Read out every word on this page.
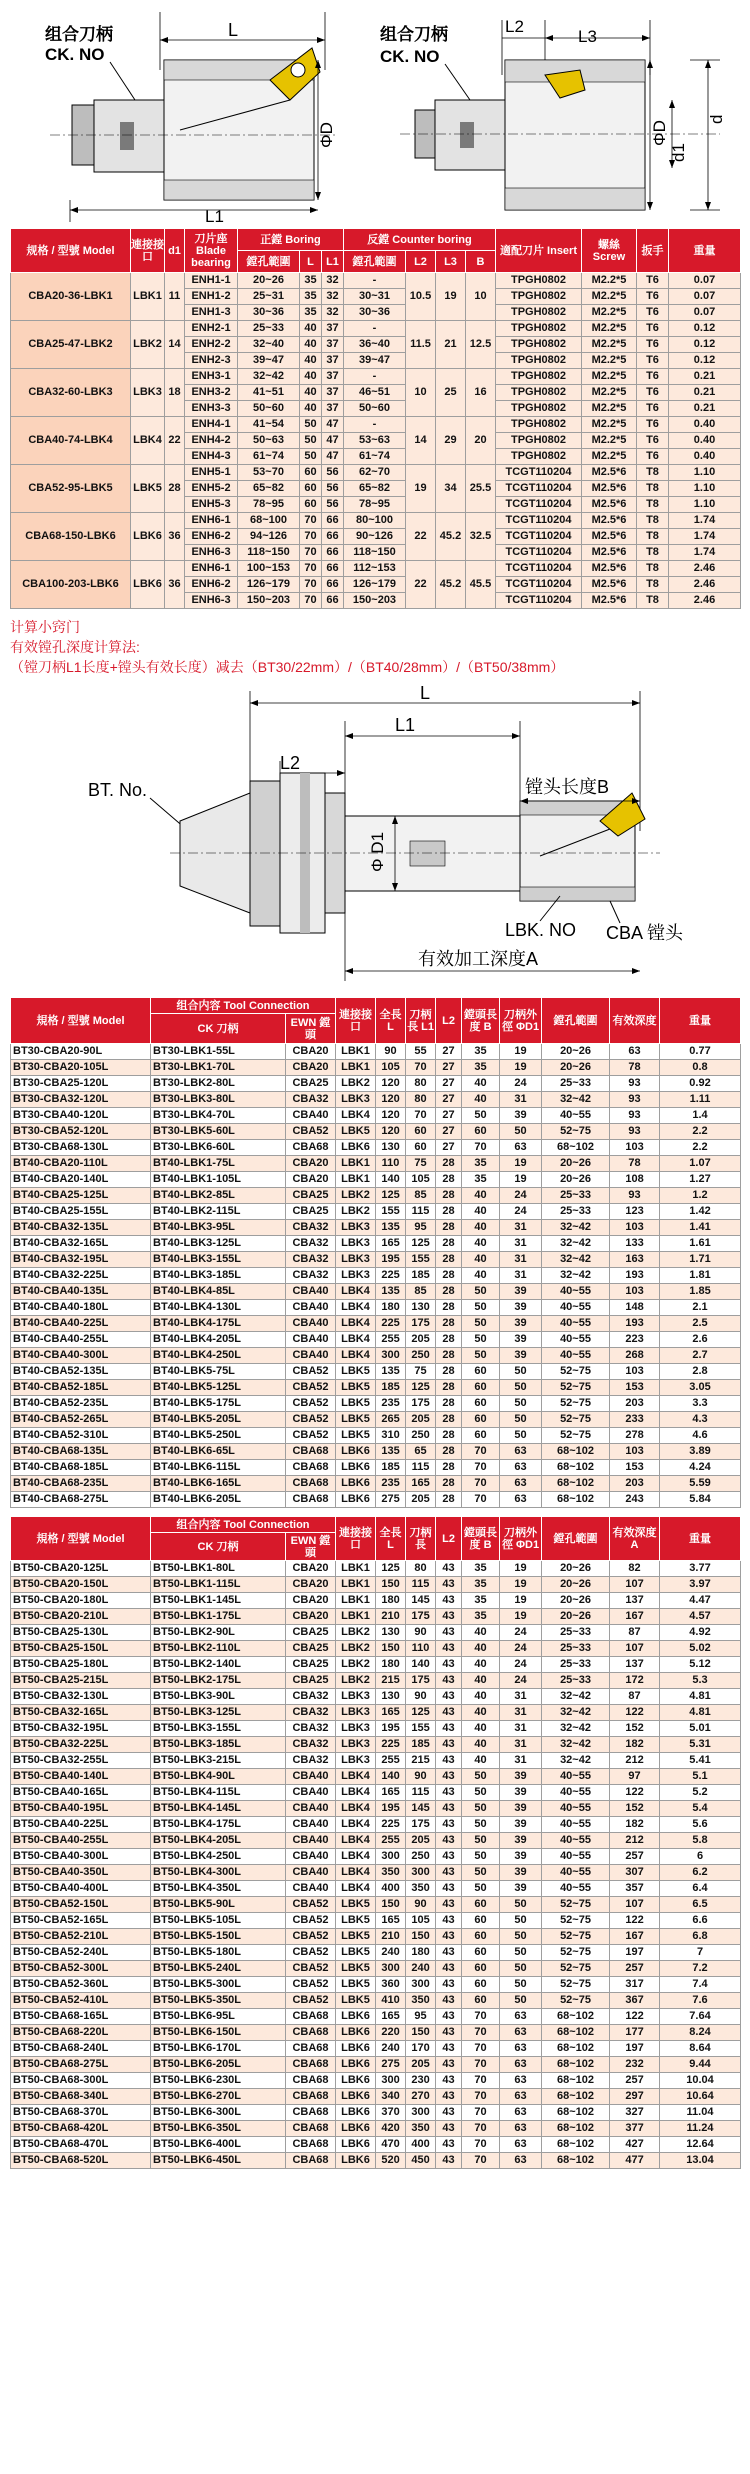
组合刀柄
CK. NO
L
ΦD
L1
组合刀柄
CK. NO
L2
L3
ΦD
d
d1
规格 / 型號 Model	連接接口	d1	刀片座 Blade bearing	正鏜 Boring			反鏜 Counter boring				適配刀片 Insert	螺絲 Screw	扳手	重量
				鏜孔範圍	L	L1	鏜孔範圍	L2	L3	B				
CBA20-36-LBK1	LBK1	11	ENH1-1	20~26	35	32	-	10.5	19	10	TPGH0802	M2.2*5	T6	0.07
			ENH1-2	25~31	35	32	30~31				TPGH0802	M2.2*5	T6	0.07
			ENH1-3	30~36	35	32	30~36				TPGH0802	M2.2*5	T6	0.07
CBA25-47-LBK2	LBK2	14	ENH2-1	25~33	40	37	-	11.5	21	12.5	TPGH0802	M2.2*5	T6	0.12
			ENH2-2	32~40	40	37	36~40				TPGH0802	M2.2*5	T6	0.12
			ENH2-3	39~47	40	37	39~47				TPGH0802	M2.2*5	T6	0.12
CBA32-60-LBK3	LBK3	18	ENH3-1	32~42	40	37	-	10	25	16	TPGH0802	M2.2*5	T6	0.21
			ENH3-2	41~51	40	37	46~51				TPGH0802	M2.2*5	T6	0.21
			ENH3-3	50~60	40	37	50~60				TPGH0802	M2.2*5	T6	0.21
CBA40-74-LBK4	LBK4	22	ENH4-1	41~54	50	47	-	14	29	20	TPGH0802	M2.2*5	T6	0.40
			ENH4-2	50~63	50	47	53~63				TPGH0802	M2.2*5	T6	0.40
			ENH4-3	61~74	50	47	61~74				TPGH0802	M2.2*5	T6	0.40
CBA52-95-LBK5	LBK5	28	ENH5-1	53~70	60	56	62~70	19	34	25.5	TCGT110204	M2.5*6	T8	1.10
			ENH5-2	65~82	60	56	65~82				TCGT110204	M2.5*6	T8	1.10
			ENH5-3	78~95	60	56	78~95				TCGT110204	M2.5*6	T8	1.10
CBA68-150-LBK6	LBK6	36	ENH6-1	68~100	70	66	80~100	22	45.2	32.5	TCGT110204	M2.5*6	T8	1.74
			ENH6-2	94~126	70	66	90~126				TCGT110204	M2.5*6	T8	1.74
			ENH6-3	118~150	70	66	118~150				TCGT110204	M2.5*6	T8	1.74
CBA100-203-LBK6	LBK6	36	ENH6-1	100~153	70	66	112~153	22	45.2	45.5	TCGT110204	M2.5*6	T8	2.46
			ENH6-2	126~179	70	66	126~179				TCGT110204	M2.5*6	T8	2.46
			ENH6-3	150~203	70	66	150~203				TCGT110204	M2.5*6	T8	2.46
计算小窍门
有效镗孔深度计算法:
（镗刀柄L1长度+镗头有效长度）减去（BT30/22mm）/（BT40/28mm）/（BT50/38mm）
L
L1
L2
BT. No.
Φ D1
镗头长度B
LBK. NO CBA 镗头
有效加工深度A
規格 / 型號 Model	组合内容 Tool Connection		連接接口	全長 L	刀柄長 L1	L2	鏜頭長度 B	刀柄外徑 ΦD1	鏜孔範圍	有效深度	重量
	CK 刀柄	EWN 鏜頭									
BT30-CBA20-90L	BT30-LBK1-55L	CBA20	LBK1	90	55	27	35	19	20~26	63	0.77
BT30-CBA20-105L	BT30-LBK1-70L	CBA20	LBK1	105	70	27	35	19	20~26	78	0.8
BT30-CBA25-120L	BT30-LBK2-80L	CBA25	LBK2	120	80	27	40	24	25~33	93	0.92
BT30-CBA32-120L	BT30-LBK3-80L	CBA32	LBK3	120	80	27	40	31	32~42	93	1.11
BT30-CBA40-120L	BT30-LBK4-70L	CBA40	LBK4	120	70	27	50	39	40~55	93	1.4
BT30-CBA52-120L	BT30-LBK5-60L	CBA52	LBK5	120	60	27	60	50	52~75	93	2.2
BT30-CBA68-130L	BT30-LBK6-60L	CBA68	LBK6	130	60	27	70	63	68~102	103	2.2
BT40-CBA20-110L	BT40-LBK1-75L	CBA20	LBK1	110	75	28	35	19	20~26	78	1.07
BT40-CBA20-140L	BT40-LBK1-105L	CBA20	LBK1	140	105	28	35	19	20~26	108	1.27
BT40-CBA25-125L	BT40-LBK2-85L	CBA25	LBK2	125	85	28	40	24	25~33	93	1.2
BT40-CBA25-155L	BT40-LBK2-115L	CBA25	LBK2	155	115	28	40	24	25~33	123	1.42
BT40-CBA32-135L	BT40-LBK3-95L	CBA32	LBK3	135	95	28	40	31	32~42	103	1.41
BT40-CBA32-165L	BT40-LBK3-125L	CBA32	LBK3	165	125	28	40	31	32~42	133	1.61
BT40-CBA32-195L	BT40-LBK3-155L	CBA32	LBK3	195	155	28	40	31	32~42	163	1.71
BT40-CBA32-225L	BT40-LBK3-185L	CBA32	LBK3	225	185	28	40	31	32~42	193	1.81
BT40-CBA40-135L	BT40-LBK4-85L	CBA40	LBK4	135	85	28	50	39	40~55	103	1.85
BT40-CBA40-180L	BT40-LBK4-130L	CBA40	LBK4	180	130	28	50	39	40~55	148	2.1
BT40-CBA40-225L	BT40-LBK4-175L	CBA40	LBK4	225	175	28	50	39	40~55	193	2.5
BT40-CBA40-255L	BT40-LBK4-205L	CBA40	LBK4	255	205	28	50	39	40~55	223	2.6
BT40-CBA40-300L	BT40-LBK4-250L	CBA40	LBK4	300	250	28	50	39	40~55	268	2.7
BT40-CBA52-135L	BT40-LBK5-75L	CBA52	LBK5	135	75	28	60	50	52~75	103	2.8
BT40-CBA52-185L	BT40-LBK5-125L	CBA52	LBK5	185	125	28	60	50	52~75	153	3.05
BT40-CBA52-235L	BT40-LBK5-175L	CBA52	LBK5	235	175	28	60	50	52~75	203	3.3
BT40-CBA52-265L	BT40-LBK5-205L	CBA52	LBK5	265	205	28	60	50	52~75	233	4.3
BT40-CBA52-310L	BT40-LBK5-250L	CBA52	LBK5	310	250	28	60	50	52~75	278	4.6
BT40-CBA68-135L	BT40-LBK6-65L	CBA68	LBK6	135	65	28	70	63	68~102	103	3.89
BT40-CBA68-185L	BT40-LBK6-115L	CBA68	LBK6	185	115	28	70	63	68~102	153	4.24
BT40-CBA68-235L	BT40-LBK6-165L	CBA68	LBK6	235	165	28	70	63	68~102	203	5.59
BT40-CBA68-275L	BT40-LBK6-205L	CBA68	LBK6	275	205	28	70	63	68~102	243	5.84
規格 / 型號 Model	组合内容 Tool Connection		連接接口	全長 L	刀柄長	L2	鏜頭長度 B	刀柄外徑 ΦD1	鏜孔範圍	有效深度 A	重量
	CK 刀柄	EWN 鏜頭									
BT50-CBA20-125L	BT50-LBK1-80L	CBA20	LBK1	125	80	43	35	19	20~26	82	3.77
BT50-CBA20-150L	BT50-LBK1-115L	CBA20	LBK1	150	115	43	35	19	20~26	107	3.97
BT50-CBA20-180L	BT50-LBK1-145L	CBA20	LBK1	180	145	43	35	19	20~26	137	4.47
BT50-CBA20-210L	BT50-LBK1-175L	CBA20	LBK1	210	175	43	35	19	20~26	167	4.57
BT50-CBA25-130L	BT50-LBK2-90L	CBA25	LBK2	130	90	43	40	24	25~33	87	4.92
BT50-CBA25-150L	BT50-LBK2-110L	CBA25	LBK2	150	110	43	40	24	25~33	107	5.02
BT50-CBA25-180L	BT50-LBK2-140L	CBA25	LBK2	180	140	43	40	24	25~33	137	5.12
BT50-CBA25-215L	BT50-LBK2-175L	CBA25	LBK2	215	175	43	40	24	25~33	172	5.3
BT50-CBA32-130L	BT50-LBK3-90L	CBA32	LBK3	130	90	43	40	31	32~42	87	4.81
BT50-CBA32-165L	BT50-LBK3-125L	CBA32	LBK3	165	125	43	40	31	32~42	122	4.81
BT50-CBA32-195L	BT50-LBK3-155L	CBA32	LBK3	195	155	43	40	31	32~42	152	5.01
BT50-CBA32-225L	BT50-LBK3-185L	CBA32	LBK3	225	185	43	40	31	32~42	182	5.31
BT50-CBA32-255L	BT50-LBK3-215L	CBA32	LBK3	255	215	43	40	31	32~42	212	5.41
BT50-CBA40-140L	BT50-LBK4-90L	CBA40	LBK4	140	90	43	50	39	40~55	97	5.1
BT50-CBA40-165L	BT50-LBK4-115L	CBA40	LBK4	165	115	43	50	39	40~55	122	5.2
BT50-CBA40-195L	BT50-LBK4-145L	CBA40	LBK4	195	145	43	50	39	40~55	152	5.4
BT50-CBA40-225L	BT50-LBK4-175L	CBA40	LBK4	225	175	43	50	39	40~55	182	5.6
BT50-CBA40-255L	BT50-LBK4-205L	CBA40	LBK4	255	205	43	50	39	40~55	212	5.8
BT50-CBA40-300L	BT50-LBK4-250L	CBA40	LBK4	300	250	43	50	39	40~55	257	6
BT50-CBA40-350L	BT50-LBK4-300L	CBA40	LBK4	350	300	43	50	39	40~55	307	6.2
BT50-CBA40-400L	BT50-LBK4-350L	CBA40	LBK4	400	350	43	50	39	40~55	357	6.4
BT50-CBA52-150L	BT50-LBK5-90L	CBA52	LBK5	150	90	43	60	50	52~75	107	6.5
BT50-CBA52-165L	BT50-LBK5-105L	CBA52	LBK5	165	105	43	60	50	52~75	122	6.6
BT50-CBA52-210L	BT50-LBK5-150L	CBA52	LBK5	210	150	43	60	50	52~75	167	6.8
BT50-CBA52-240L	BT50-LBK5-180L	CBA52	LBK5	240	180	43	60	50	52~75	197	7
BT50-CBA52-300L	BT50-LBK5-240L	CBA52	LBK5	300	240	43	60	50	52~75	257	7.2
BT50-CBA52-360L	BT50-LBK5-300L	CBA52	LBK5	360	300	43	60	50	52~75	317	7.4
BT50-CBA52-410L	BT50-LBK5-350L	CBA52	LBK5	410	350	43	60	50	52~75	367	7.6
BT50-CBA68-165L	BT50-LBK6-95L	CBA68	LBK6	165	95	43	70	63	68~102	122	7.64
BT50-CBA68-220L	BT50-LBK6-150L	CBA68	LBK6	220	150	43	70	63	68~102	177	8.24
BT50-CBA68-240L	BT50-LBK6-170L	CBA68	LBK6	240	170	43	70	63	68~102	197	8.64
BT50-CBA68-275L	BT50-LBK6-205L	CBA68	LBK6	275	205	43	70	63	68~102	232	9.44
BT50-CBA68-300L	BT50-LBK6-230L	CBA68	LBK6	300	230	43	70	63	68~102	257	10.04
BT50-CBA68-340L	BT50-LBK6-270L	CBA68	LBK6	340	270	43	70	63	68~102	297	10.64
BT50-CBA68-370L	BT50-LBK6-300L	CBA68	LBK6	370	300	43	70	63	68~102	327	11.04
BT50-CBA68-420L	BT50-LBK6-350L	CBA68	LBK6	420	350	43	70	63	68~102	377	11.24
BT50-CBA68-470L	BT50-LBK6-400L	CBA68	LBK6	470	400	43	70	63	68~102	427	12.64
BT50-CBA68-520L	BT50-LBK6-450L	CBA68	LBK6	520	450	43	70	63	68~102	477	13.04
